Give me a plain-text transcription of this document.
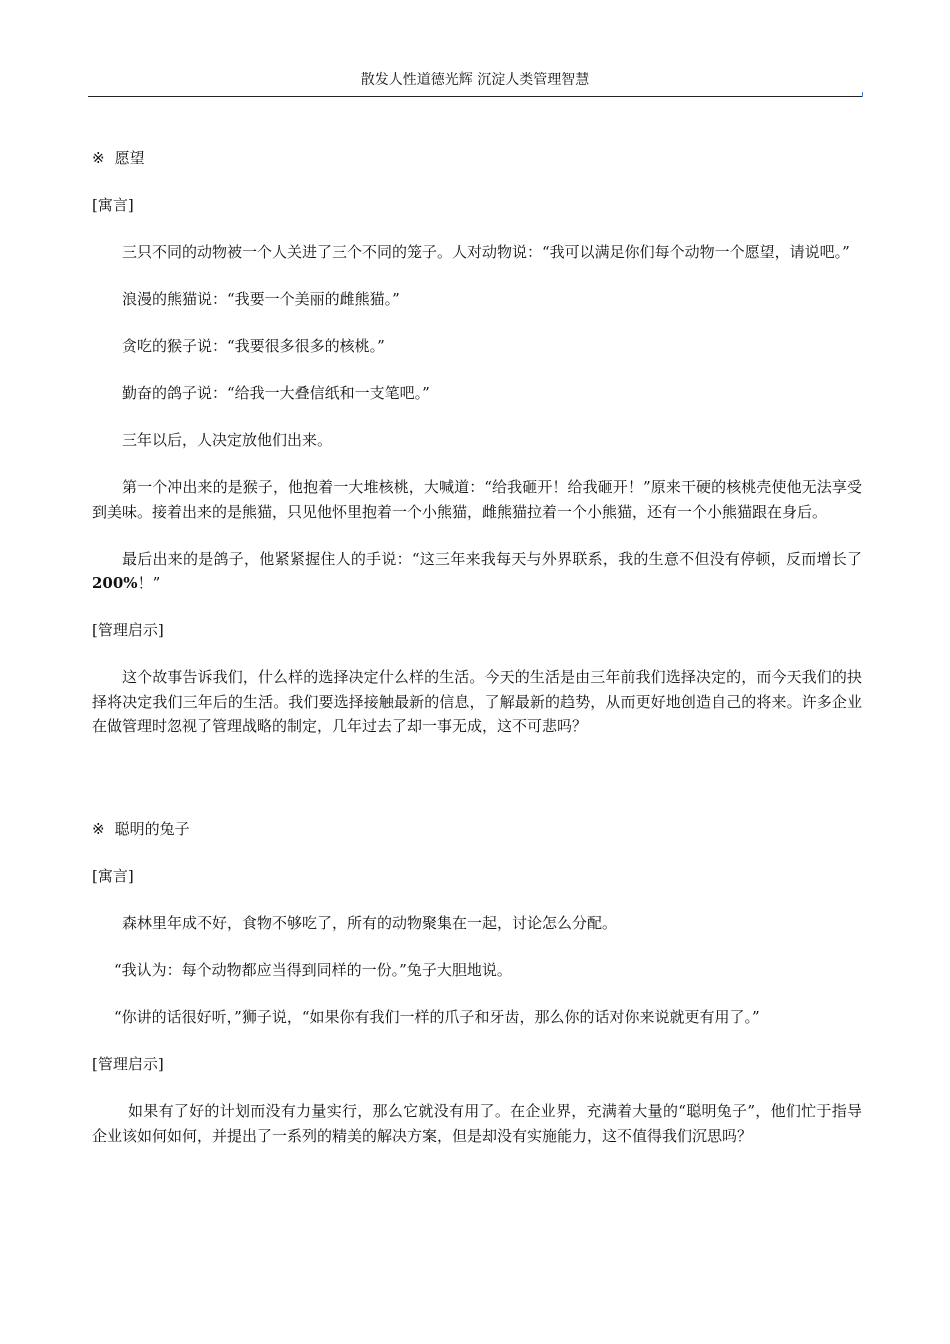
散发人性道德光辉 沉淀人类管理智慧

※ 愿望

[寓言]

三只不同的动物被一个人关进了三个不同的笼子。人对动物说：“我可以满足你们每个动物一个愿望，请说吧。”

浪漫的熊猫说：“我要一个美丽的雌熊猫。”

贪吃的猴子说：“我要很多很多的核桃。”

勤奋的鸽子说：“给我一大叠信纸和一支笔吧。”

三年以后，人决定放他们出来。

第一个冲出来的是猴子，他抱着一大堆核桃，大喊道：“给我砸开！给我砸开！”原来干硬的核桃壳使他无法享受到美味。接着出来的是熊猫，只见他怀里抱着一个小熊猫，雌熊猫拉着一个小熊猫，还有一个小熊猫跟在身后。

最后出来的是鸽子，他紧紧握住人的手说：“这三年来我每天与外界联系，我的生意不但没有停顿，反而增长了 200%！”

[管理启示]

这个故事告诉我们，什么样的选择决定什么样的生活。今天的生活是由三年前我们选择决定的，而今天我们的抉择将决定我们三年后的生活。我们要选择接触最新的信息，了解最新的趋势，从而更好地创造自己的将来。许多企业在做管理时忽视了管理战略的制定，几年过去了却一事无成，这不可悲吗？

※ 聪明的兔子

[寓言]

森林里年成不好，食物不够吃了，所有的动物聚集在一起，讨论怎么分配。

“我认为：每个动物都应当得到同样的一份。”兔子大胆地说。

“你讲的话很好听，”狮子说，“如果你有我们一样的爪子和牙齿，那么你的话对你来说就更有用了。”

[管理启示]

如果有了好的计划而没有力量实行，那么它就没有用了。在企业界，充满着大量的“聪明兔子”，他们忙于指导企业该如何如何，并提出了一系列的精美的解决方案，但是却没有实施能力，这不值得我们沉思吗？
